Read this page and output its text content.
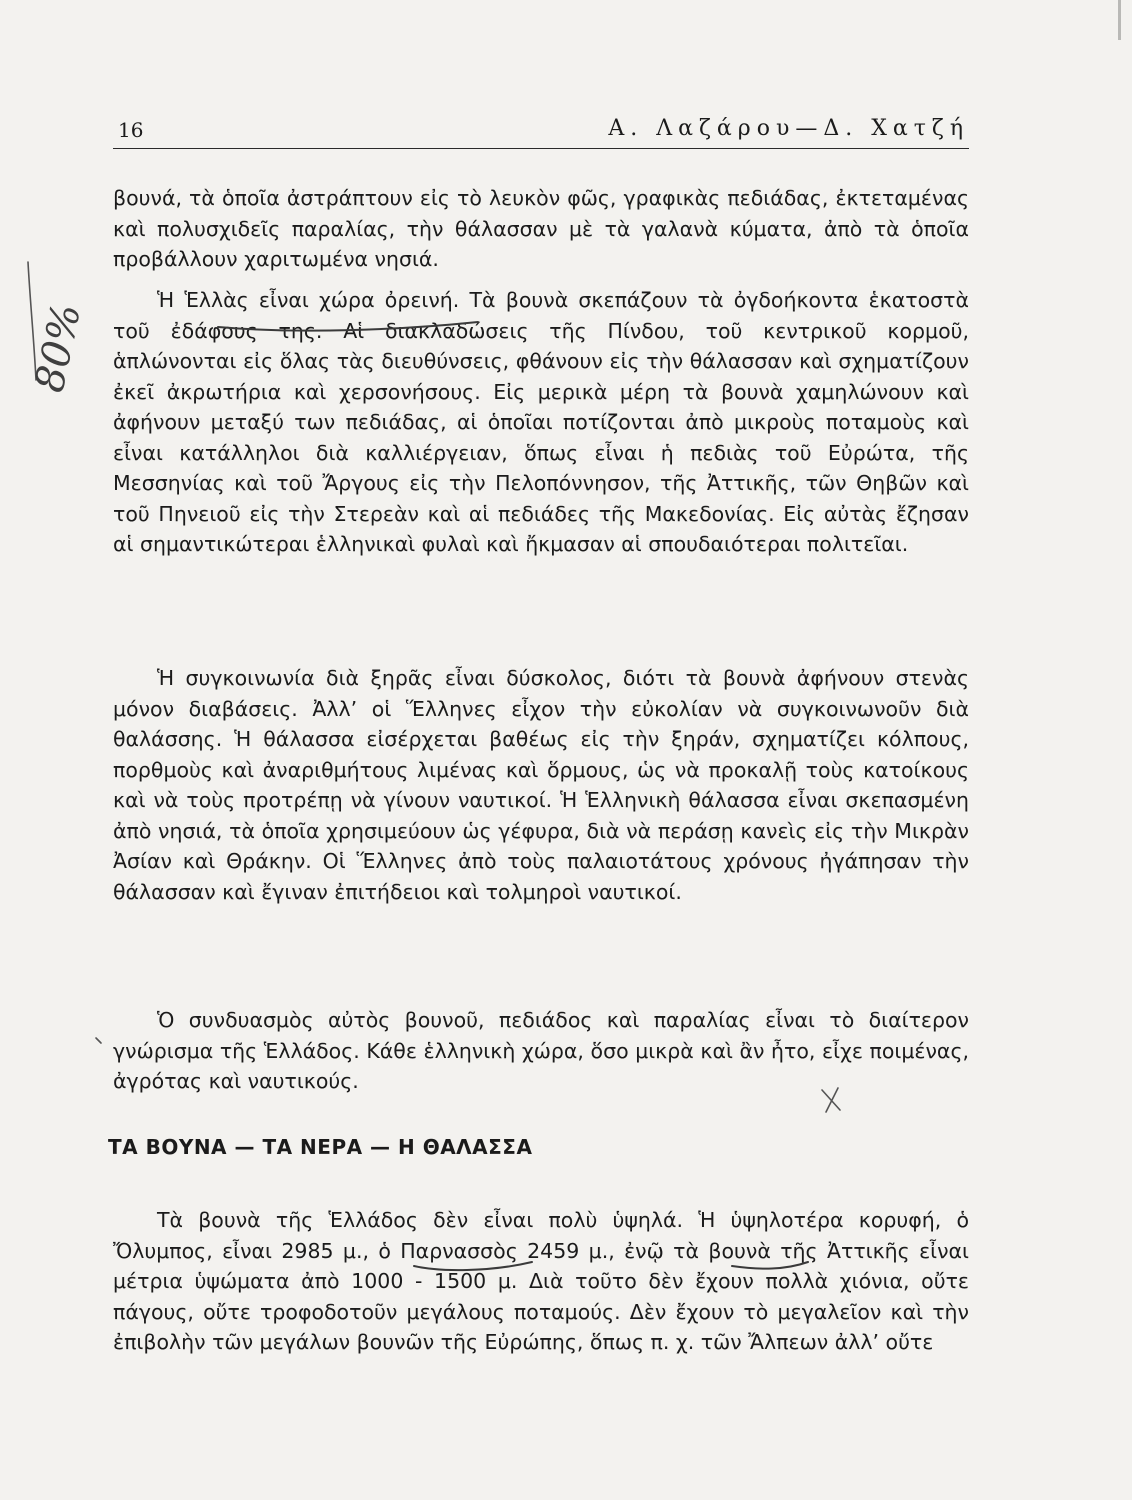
16	Α. Λαζάρου—Δ. Χατζή

βουνά, τὰ ὁποῖα ἀστράπτουν εἰς τὸ λευκὸν φῶς, γραφικὰς πεδιάδας, ἐκτεταμένας καὶ πολυσχιδεῖς παραλίας, τὴν θάλασσαν μὲ τὰ γαλανὰ κύματα, ἀπὸ τὰ ὁποῖα προβάλλουν χαριτωμένα νησιά.

Ἡ Ἑλλὰς εἶναι χώρα ὀρεινή. Τὰ βουνὰ σκεπάζουν τὰ ὀγδοήκοντα ἑκατοστὰ τοῦ ἐδάφους της. Αἱ διακλαδώσεις τῆς Πίνδου, τοῦ κεντρικοῦ κορμοῦ, ἁπλώνονται εἰς ὅλας τὰς διευθύνσεις, φθάνουν εἰς τὴν θάλασσαν καὶ σχηματίζουν ἐκεῖ ἀκρωτήρια καὶ χερσονήσους. Εἰς μερικὰ μέρη τὰ βουνὰ χαμηλώνουν καὶ ἀφήνουν μεταξύ των πεδιάδας, αἱ ὁποῖαι ποτίζονται ἀπὸ μικροὺς ποταμοὺς καὶ εἶναι κατάλληλοι διὰ καλλιέργειαν, ὅπως εἶναι ἡ πεδιὰς τοῦ Εὐρώτα, τῆς Μεσσηνίας καὶ τοῦ Ἄργους εἰς τὴν Πελοπόννησον, τῆς Ἀττικῆς, τῶν Θηβῶν καὶ τοῦ Πηνειοῦ εἰς τὴν Στερεὰν καὶ αἱ πεδιάδες τῆς Μακεδονίας. Εἰς αὐτὰς ἔζησαν αἱ σημαντικώτεραι ἑλληνικαὶ φυλαὶ καὶ ἤκμασαν αἱ σπουδαιότεραι πολιτεῖαι.

Ἡ συγκοινωνία διὰ ξηρᾶς εἶναι δύσκολος, διότι τὰ βουνὰ ἀφήνουν στενὰς μόνον διαβάσεις. Ἀλλ’ οἱ Ἕλληνες εἶχον τὴν εὐκολίαν νὰ συγκοινωνοῦν διὰ θαλάσσης. Ἡ θάλασσα εἰσέρχεται βαθέως εἰς τὴν ξηράν, σχηματίζει κόλπους, πορθμοὺς καὶ ἀναριθμήτους λιμένας καὶ ὅρμους, ὡς νὰ προκαλῇ τοὺς κατοίκους καὶ νὰ τοὺς προτρέπῃ νὰ γίνουν ναυτικοί. Ἡ Ἑλληνικὴ θάλασσα εἶναι σκεπασμένη ἀπὸ νησιά, τὰ ὁποῖα χρησιμεύουν ὡς γέφυρα, διὰ νὰ περάσῃ κανεὶς εἰς τὴν Μικρὰν Ἀσίαν καὶ Θράκην. Οἱ Ἕλληνες ἀπὸ τοὺς παλαιοτάτους χρόνους ἠγάπησαν τὴν θάλασσαν καὶ ἔγιναν ἐπιτήδειοι καὶ τολμηροὶ ναυτικοί.

Ὁ συνδυασμὸς αὐτὸς βουνοῦ, πεδιάδος καὶ παραλίας εἶναι τὸ διαίτερον γνώρισμα τῆς Ἑλλάδος. Κάθε ἑλληνικὴ χώρα, ὅσο μικρὰ καὶ ἂν ἦτο, εἶχε ποιμένας, ἀγρότας καὶ ναυτικούς.

ΤΑ ΒΟΥΝΑ — ΤΑ ΝΕΡΑ — Η ΘΑΛΑΣΣΑ

Τὰ βουνὰ τῆς Ἑλλάδος δὲν εἶναι πολὺ ὑψηλά. Ἡ ὑψηλοτέρα κορυφή, ὁ Ὄλυμπος, εἶναι 2985 μ., ὁ Παρνασσὸς 2459 μ., ἐνῷ τὰ βουνὰ τῆς Ἀττικῆς εἶναι μέτρια ὑψώματα ἀπὸ 1000 - 1500 μ. Διὰ τοῦτο δὲν ἔχουν πολλὰ χιόνια, οὔτε πάγους, οὔτε τροφοδοτοῦν μεγάλους ποταμούς. Δὲν ἔχουν τὸ μεγαλεῖον καὶ τὴν ἐπιβολὴν τῶν μεγάλων βουνῶν τῆς Εὐρώπης, ὅπως π. χ. τῶν Ἄλπεων ἀλλ’ οὔτε

80%
